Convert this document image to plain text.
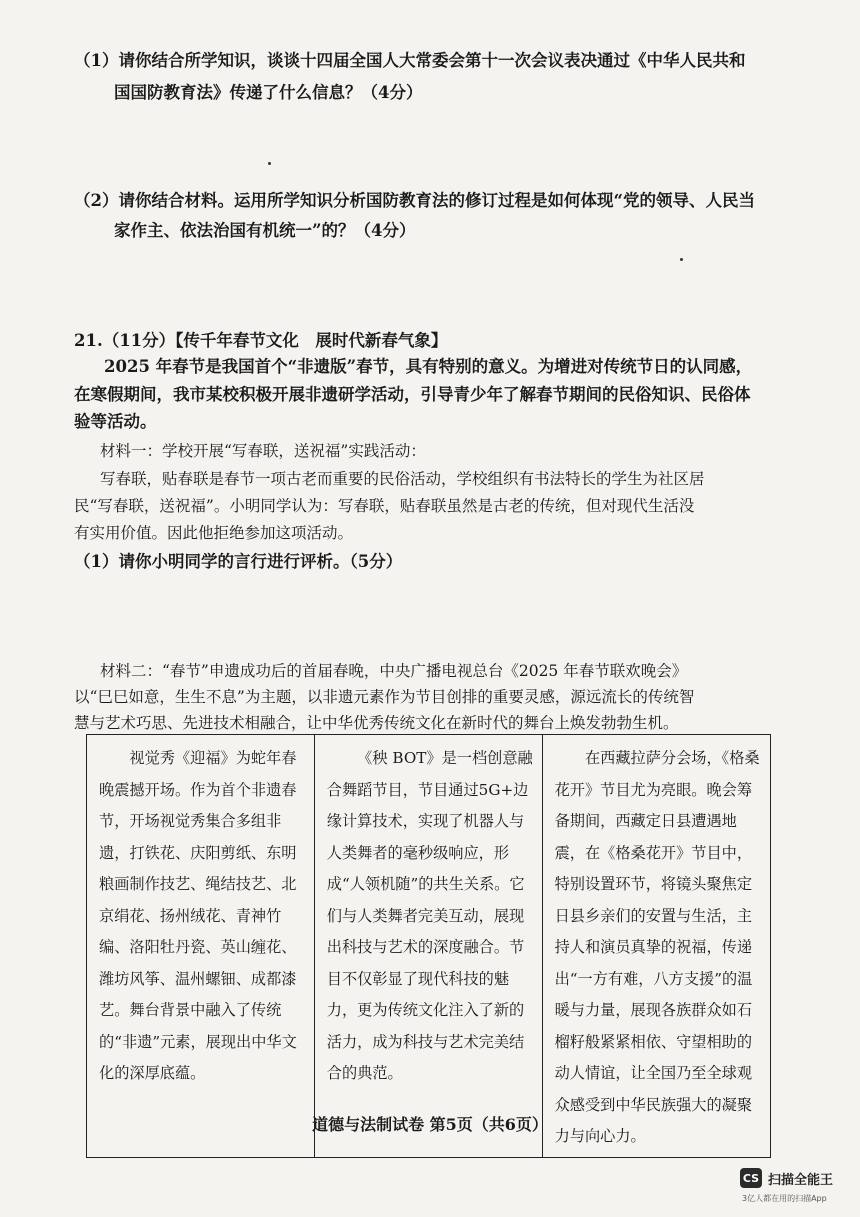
（1）请你结合所学知识，谈谈十四届全国人大常委会第十一次会议表决通过《中华人民共和
国国防教育法》传递了什么信息？（4分）
（2）请你结合材料。运用所学知识分析国防教育法的修订过程是如何体现“党的领导、人民当
家作主、依法治国有机统一”的？（4分）
21.（11分）【传千年春节文化　展时代新春气象】
2025 年春节是我国首个“非遗版”春节，具有特别的意义。为增进对传统节日的认同感，
在寒假期间，我市某校积极开展非遗研学活动，引导青少年了解春节期间的民俗知识、民俗体
验等活动。
材料一：学校开展“写春联，送祝福”实践活动：
写春联，贴春联是春节一项古老而重要的民俗活动，学校组织有书法特长的学生为社区居
民“写春联，送祝福”。小明同学认为：写春联，贴春联虽然是古老的传统，但对现代生活没
有实用价值。因此他拒绝参加这项活动。
（1）请你小明同学的言行进行评析。（5分）
材料二：“春节”申遗成功后的首届春晚，中央广播电视总台《2025 年春节联欢晚会》
以“巳巳如意，生生不息”为主题，以非遗元素作为节目创排的重要灵感，源远流长的传统智
慧与艺术巧思、先进技术相融合，让中华优秀传统文化在新时代的舞台上焕发勃勃生机。
视觉秀《迎福》为蛇年春晚震撼开场。作为首个非遗春节，开场视觉秀集合多组非遗，打铁花、庆阳剪纸、东明粮画制作技艺、绳结技艺、北京绢花、扬州绒花、青神竹编、洛阳牡丹瓷、英山缠花、潍坊风筝、温州螺钿、成都漆艺。舞台背景中融入了传统的“非遗”元素，展现出中华文化的深厚底蕴。	《秧 BOT》是一档创意融合舞蹈节目，节目通过5G+边缘计算技术，实现了机器人与人类舞者的毫秒级响应，形成“人领机随”的共生关系。它们与人类舞者完美互动，展现出科技与艺术的深度融合。节目不仅彰显了现代科技的魅力，更为传统文化注入了新的活力，成为科技与艺术完美结合的典范。	在西藏拉萨分会场，《格桑花开》节目尤为亮眼。晚会筹备期间，西藏定日县遭遇地震，在《格桑花开》节目中，特别设置环节，将镜头聚焦定日县乡亲们的安置与生活，主持人和演员真挚的祝福，传递出“一方有难，八方支援”的温暖与力量，展现各族群众如石榴籽般紧紧相依、守望相助的动人情谊，让全国乃至全球观众感受到中华民族强大的凝聚力与向心力。
道德与法制试卷 第5页（共6页）
CS 扫描全能王
3亿人都在用的扫描App
